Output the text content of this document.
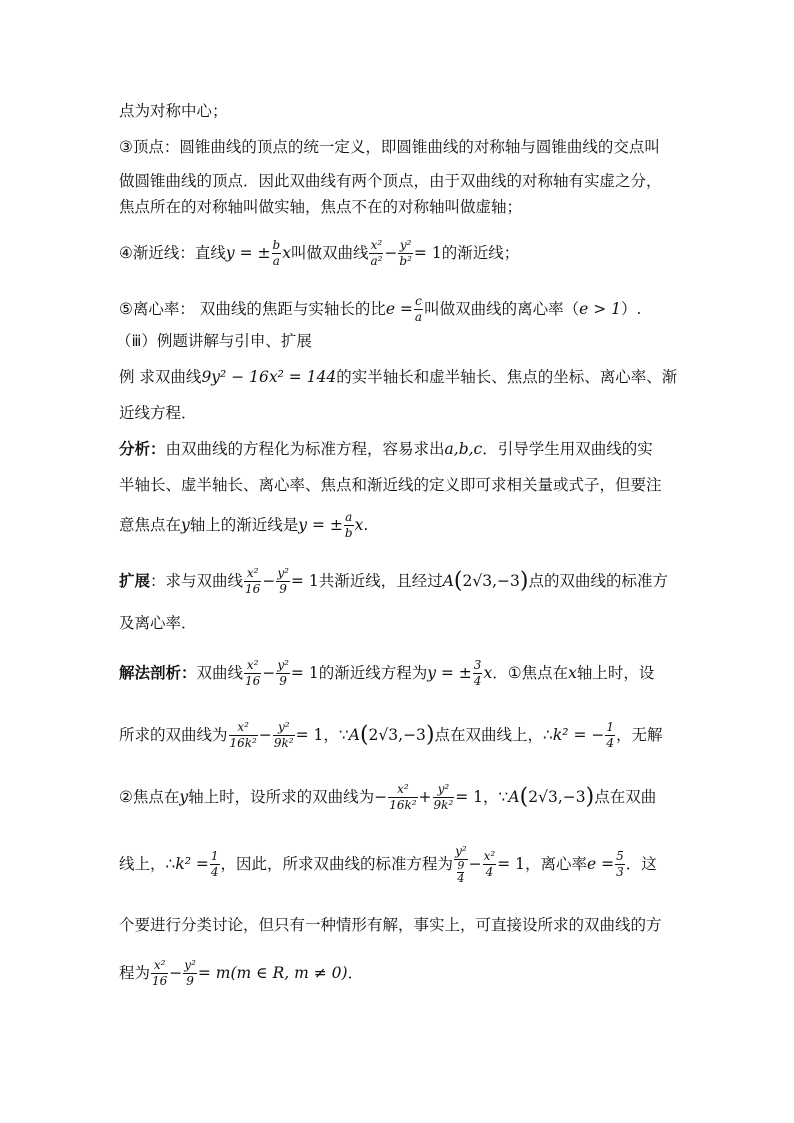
点为对称中心；
③顶点：圆锥曲线的顶点的统一定义，即圆锥曲线的对称轴与圆锥曲线的交点叫
做圆锥曲线的顶点．因此双曲线有两个顶点，由于双曲线的对称轴有实虚之分，
焦点所在的对称轴叫做实轴，焦点不在的对称轴叫做虚轴；
④渐近线：直线y = ± $\frac{b}{a}$ x叫做双曲线 $\frac{\text{x²}}{\text{a²}} - \frac{\text{y²}}{\text{b²}} = 1$的渐近线；
⑤离心率： 双曲线的焦距与实轴长的比$e = \frac{c}{a}$ 叫做双曲线的离心率（e > 1）.
（ⅲ）例题讲解与引申、扩展
例 求双曲线9y² − 16x² = 144的实半轴长和虚半轴长、焦点的坐标、离心率、渐
近线方程．
分析：由双曲线的方程化为标准方程，容易求出a,b,c．引导学生用双曲线的实
半轴长、虚半轴长、离心率、焦点和渐近线的定义即可求相关量或式子，但要注
意焦点在y轴上的渐近线是y = ± $\frac{a}{b} x$.
扩展：求与双曲线 $\frac{\text{x²}}{16} - \frac{\text{y²}}{9} = 1$共渐近线，且经过A(2√3,−3)点的双曲线的标准方
及离心率．
解法剖析：双曲线 $\frac{\text{x²}}{16} - \frac{\text{y²}}{9} = 1$的渐近线方程为y = ± $\frac{3}{4}$ x．①焦点在x轴上时，设
所求的双曲线为 $\frac{\text{x²}}{\text{16k²}} - \frac{\text{y²}}{\text{9k²}} = 1$，∵A(2√3,−3)点在双曲线上，∴k² = − $\frac{1}{4}$ ，无解
②焦点在y轴上时，设所求的双曲线为− $\frac{\text{x²}}{\text{16k²}} + \frac{\text{y²}}{\text{9k²}} = 1$，∵A(2√3,−3)点在双曲
线上，∴k² = $\frac{1}{4}$ ，因此，所求双曲线的标准方程为 $\frac{\text{y²}}{\frac{9}{4}} - \frac{\text{x²}}{4} = 1$，离心率$e = \frac{5}{3}$ ．这
个要进行分类讨论，但只有一种情形有解，事实上，可直接设所求的双曲线的方
程为 $\frac{\text{x²}}{16} - \frac{\text{y²}}{9} = m(m$ ∈ R, m ≠ 0)．
